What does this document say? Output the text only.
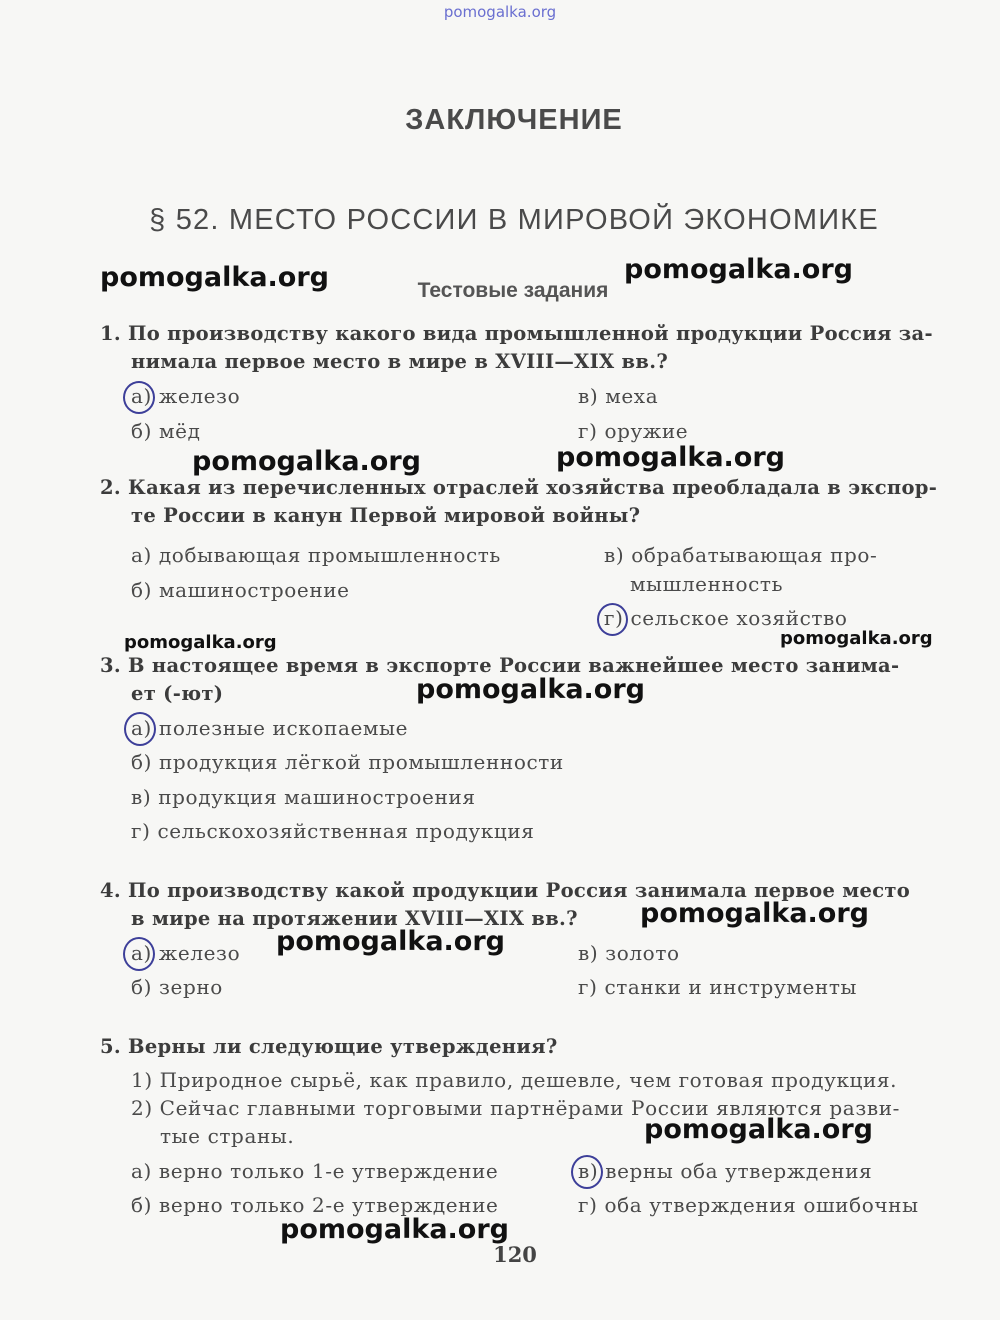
pomogalka.org
ЗАКЛЮЧЕНИЕ
§ 52. МЕСТО РОССИИ В МИРОВОЙ ЭКОНОМИКЕ
Тестовые задания
1. По производству какого вида промышленной продукции Россия за-
нимала первое место в мире в XVIII—XIX вв.?
а) железо	в) меха
б) мёд	г) оружие
2. Какая из перечисленных отраслей хозяйства преобладала в экспор-
те России в канун Первой мировой войны?
а) добывающая промышленность	в) обрабатывающая про-
мышленность
б) машиностроение
г) сельское хозяйство
3. В настоящее время в экспорте России важнейшее место занима-
ет (-ют)
а) полезные ископаемые
б) продукция лёгкой промышленности
в) продукция машиностроения
г) сельскохозяйственная продукция
4. По производству какой продукции Россия занимала первое место
в мире на протяжении XVIII—XIX вв.?
а) железо	в) золото
б) зерно	г) станки и инструменты
5. Верны ли следующие утверждения?
1) Природное сырьё, как правило, дешевле, чем готовая продукция.
2) Сейчас главными торговыми партнёрами России являются разви-
тые страны.
а) верно только 1-е утверждение	в) верны оба утверждения
б) верно только 2-е утверждение	г) оба утверждения ошибочны
120
pomogalka.org	pomogalka.org
pomogalka.org	pomogalka.org
pomogalka.org	pomogalka.org
pomogalka.org
pomogalka.org
pomogalka.org
pomogalka.org
pomogalka.org
